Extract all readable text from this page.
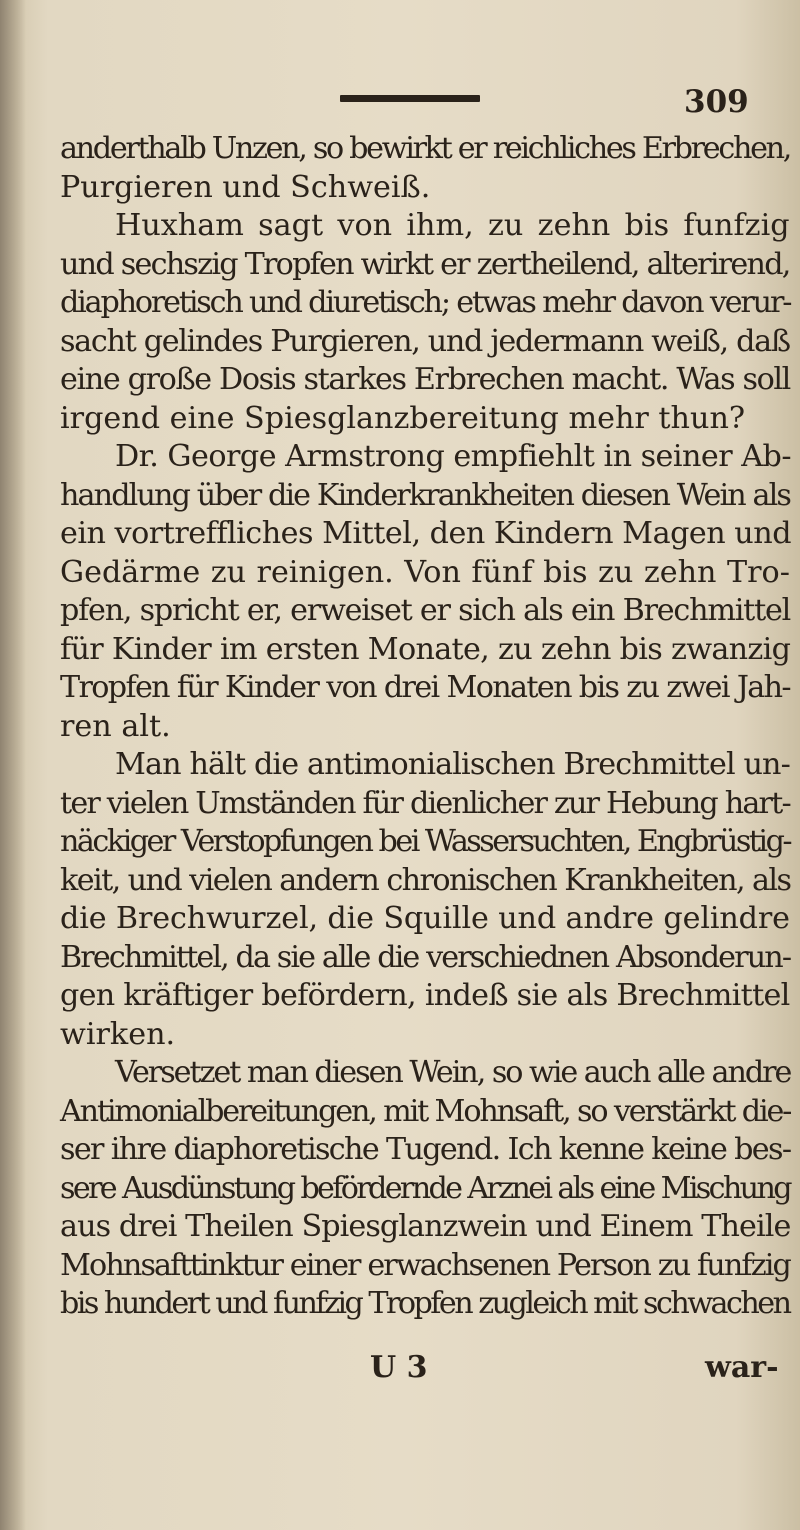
309
anderthalb Unzen, so bewirkt er reichliches Erbrechen,
Purgieren und Schweiß.
Huxham sagt von ihm, zu zehn bis funfzig
und sechszig Tropfen wirkt er zertheilend, alterirend,
diaphoretisch und diuretisch; etwas mehr davon verur-
sacht gelindes Purgieren, und jedermann weiß, daß
eine große Dosis starkes Erbrechen macht. Was soll
irgend eine Spiesglanzbereitung mehr thun?
Dr. George Armstrong empfiehlt in seiner Ab-
handlung über die Kinderkrankheiten diesen Wein als
ein vortreffliches Mittel, den Kindern Magen und
Gedärme zu reinigen. Von fünf bis zu zehn Tro-
pfen, spricht er, erweiset er sich als ein Brechmittel
für Kinder im ersten Monate, zu zehn bis zwanzig
Tropfen für Kinder von drei Monaten bis zu zwei Jah-
ren alt.
Man hält die antimonialischen Brechmittel un-
ter vielen Umständen für dienlicher zur Hebung hart-
näckiger Verstopfungen bei Wassersuchten, Engbrüstig-
keit, und vielen andern chronischen Krankheiten, als
die Brechwurzel, die Squille und andre gelindre
Brechmittel, da sie alle die verschiednen Absonderun-
gen kräftiger befördern, indeß sie als Brechmittel
wirken.
Versetzet man diesen Wein, so wie auch alle andre
Antimonialbereitungen, mit Mohnsaft, so verstärkt die-
ser ihre diaphoretische Tugend. Ich kenne keine bes-
sere Ausdünstung befördernde Arznei als eine Mischung
aus drei Theilen Spiesglanzwein und Einem Theile
Mohnsafttinktur einer erwachsenen Person zu funfzig
bis hundert und funfzig Tropfen zugleich mit schwachen
U 3	war-
